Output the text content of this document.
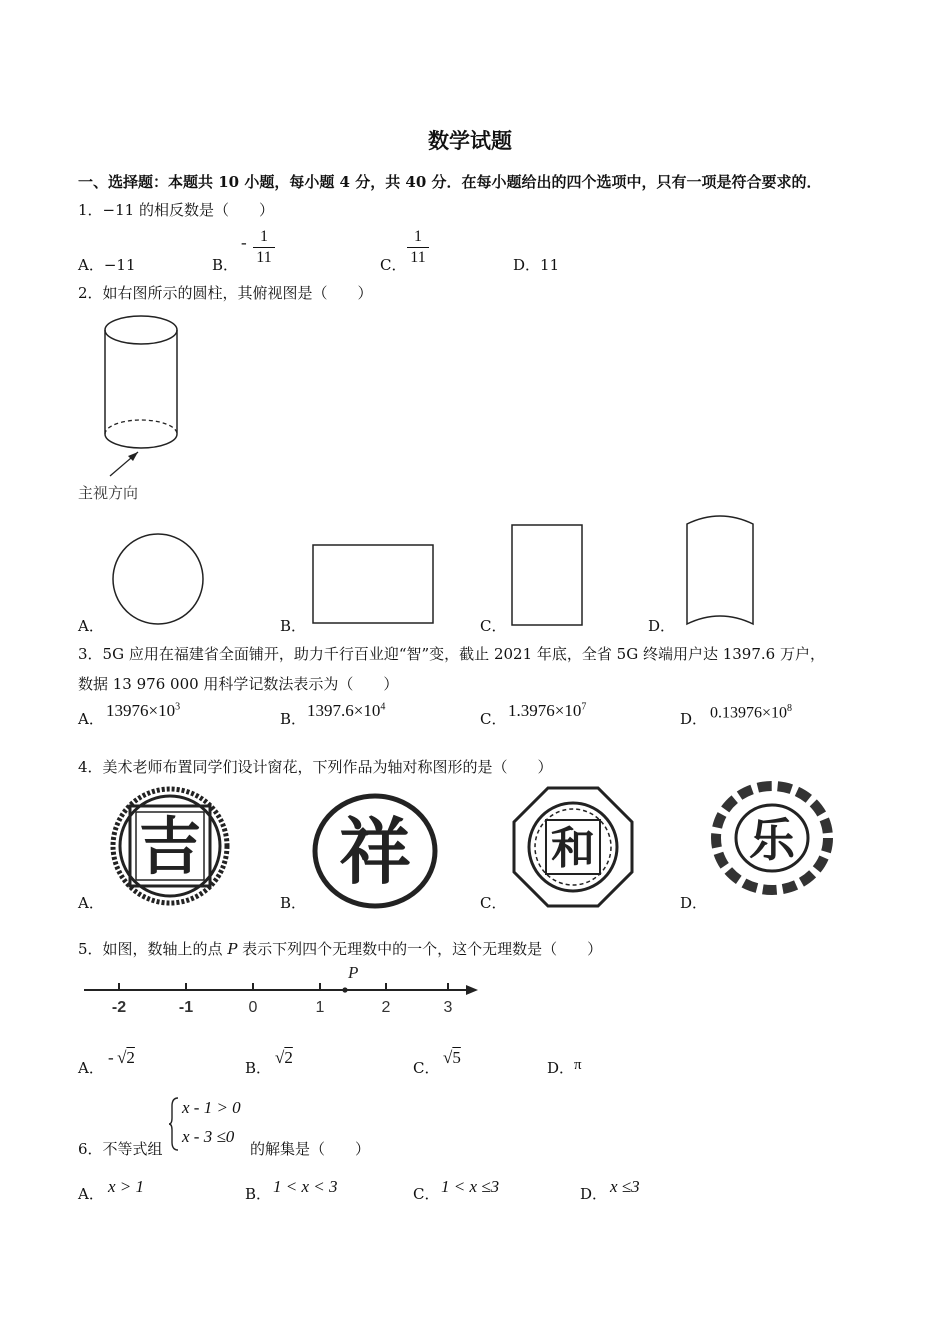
数学试题
一、选择题：本题共 10 小题，每小题 4 分，共 40 分．在每小题给出的四个选项中，只有一项是符合要求的．
1．−11 的相反数是（　　）
A．−11	B．
- 1
11	C．
1
11	D．11
2．如右图所示的圆柱，其俯视图是（　　）
主视方向
A．	B．	C．	D．
3．5G 应用在福建省全面铺开，助力千行百业迎“智”变，截止 2021 年底，全省 5G 终端用户达 1397.6 万户，
数据 13 976 000 用科学记数法表示为（　　）
A． $13976\times 10^3$
B． $1397.6\times 10^4$
C． $1.3976\times 10^7$
D． $0.13976\times 10^8$
4．美术老师布置同学们设计窗花，下列作品为轴对称图形的是（　　）
吉
A．
祥
B．
和
C．
乐
D．
5．如图，数轴上的点 P 表示下列四个无理数中的一个，这个无理数是（　　）
P
-2	-1	0	1	2	3
A．
- √2
B．
√2
C．
√5
D． π
6．不等式组
x - 1 > 0
x - 3 ≤0
的解集是（　　）
A． x > 1	B． 1 < x < 3	C． 1 < x ≤3	D． x ≤3
